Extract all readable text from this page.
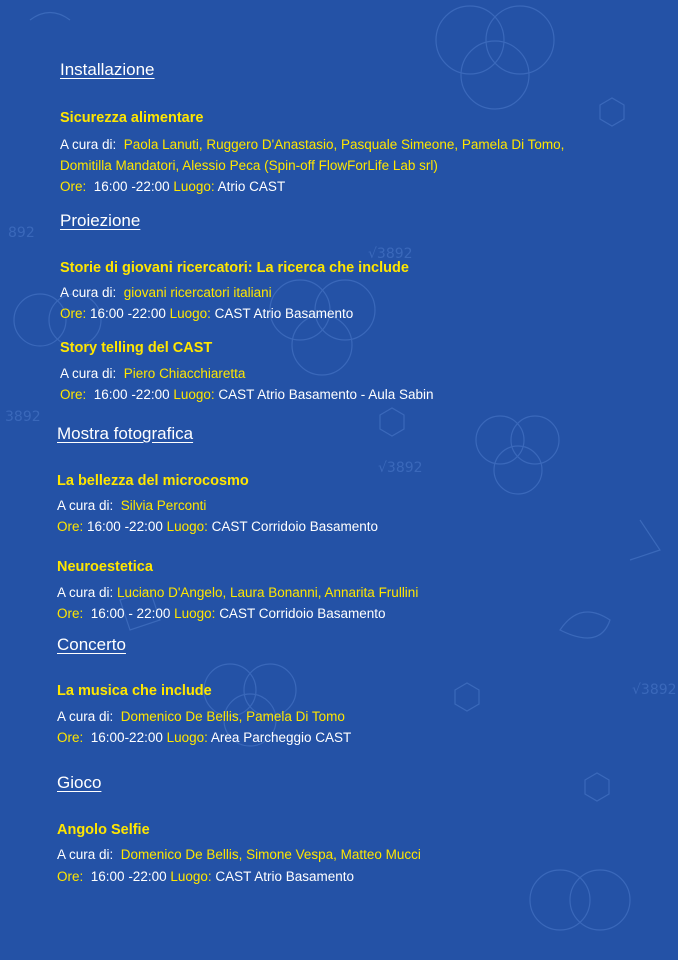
892
√3892
√3892
√3892
3892
Installazione
Sicurezza alimentare
A cura di: Paola Lanuti, Ruggero D'Anastasio, Pasquale Simeone, Pamela Di Tomo,
Domitilla Mandatori, Alessio Peca (Spin-off FlowForLife Lab srl)
Ore: 16:00 -22:00 Luogo: Atrio CAST
Proiezione
Storie di giovani ricercatori: La ricerca che include
A cura di: giovani ricercatori italiani
Ore: 16:00 -22:00 Luogo: CAST Atrio Basamento
Story telling del CAST
A cura di: Piero Chiacchiaretta
Ore: 16:00 -22:00 Luogo: CAST Atrio Basamento - Aula Sabin
Mostra fotografica
La bellezza del microcosmo
A cura di: Silvia Perconti
Ore: 16:00 -22:00 Luogo: CAST Corridoio Basamento
Neuroestetica
A cura di: Luciano D'Angelo, Laura Bonanni, Annarita Frullini
Ore: 16:00 - 22:00 Luogo: CAST Corridoio Basamento
Concerto
La musica che include
A cura di: Domenico De Bellis, Pamela Di Tomo
Ore: 16:00-22:00 Luogo: Area Parcheggio CAST
Gioco
Angolo Selfie
A cura di: Domenico De Bellis, Simone Vespa, Matteo Mucci
Ore: 16:00 -22:00 Luogo: CAST Atrio Basamento
